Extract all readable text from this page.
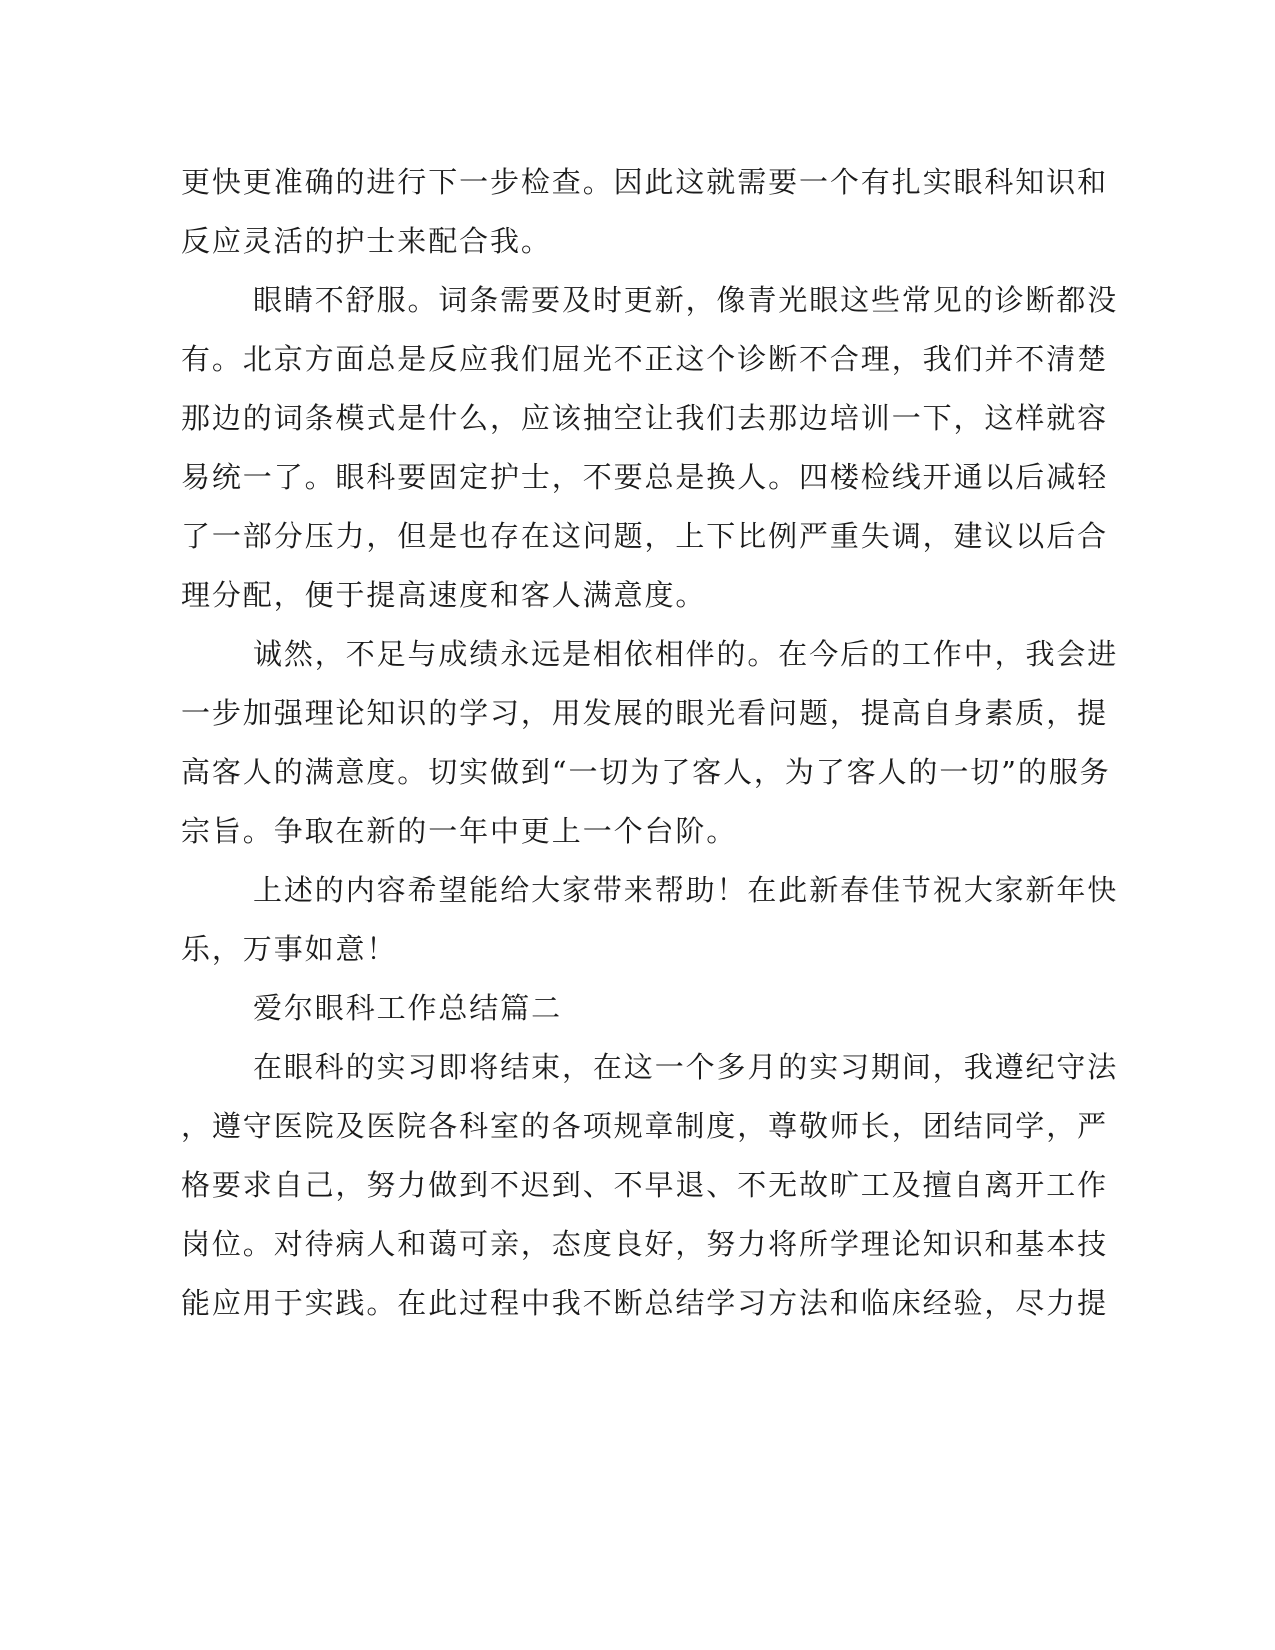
更快更准确的进行下一步检查。因此这就需要一个有扎实眼科知识和
反应灵活的护士来配合我。
眼睛不舒服。词条需要及时更新，像青光眼这些常见的诊断都没
有。北京方面总是反应我们屈光不正这个诊断不合理，我们并不清楚
那边的词条模式是什么，应该抽空让我们去那边培训一下，这样就容
易统一了。眼科要固定护士，不要总是换人。四楼检线开通以后减轻
了一部分压力，但是也存在这问题，上下比例严重失调，建议以后合
理分配，便于提高速度和客人满意度。
诚然，不足与成绩永远是相依相伴的。在今后的工作中，我会进
一步加强理论知识的学习，用发展的眼光看问题，提高自身素质，提
高客人的满意度。切实做到“一切为了客人，为了客人的一切”的服务
宗旨。争取在新的一年中更上一个台阶。
上述的内容希望能给大家带来帮助！在此新春佳节祝大家新年快
乐，万事如意！
爱尔眼科工作总结篇二
在眼科的实习即将结束，在这一个多月的实习期间，我遵纪守法
，遵守医院及医院各科室的各项规章制度，尊敬师长，团结同学，严
格要求自己，努力做到不迟到、不早退、不无故旷工及擅自离开工作
岗位。对待病人和蔼可亲，态度良好，努力将所学理论知识和基本技
能应用于实践。在此过程中我不断总结学习方法和临床经验，尽力提
